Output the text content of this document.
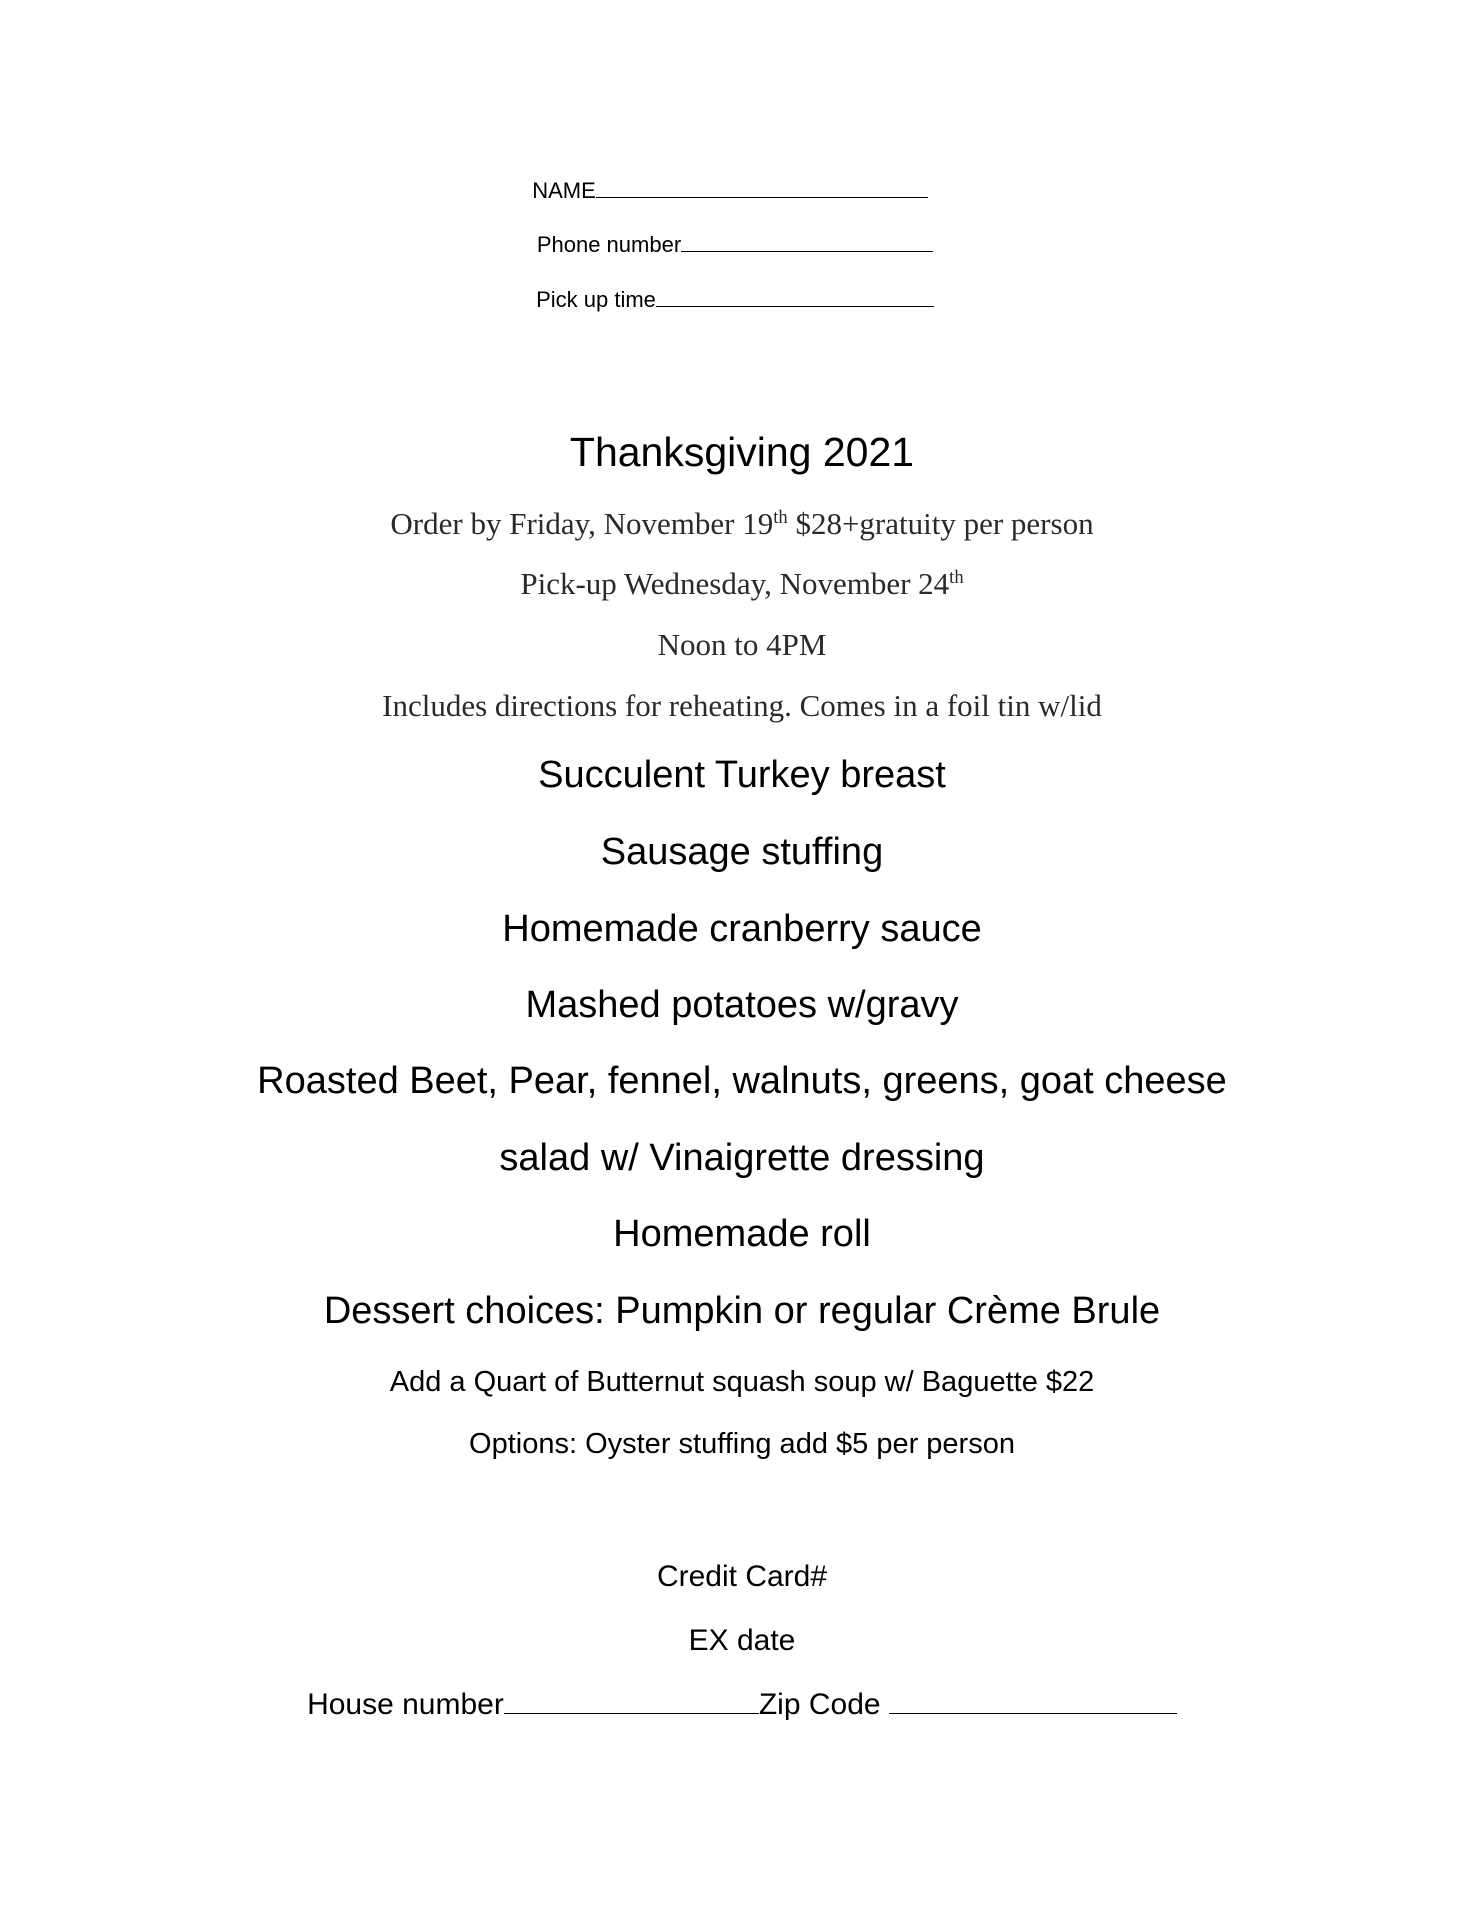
NAME
Phone number
Pick up time
Thanksgiving 2021
Order by Friday, November 19th $28+gratuity per person
Pick-up Wednesday, November 24th
Noon to 4PM
Includes directions for reheating. Comes in a foil tin w/lid
Succulent Turkey breast
Sausage stuffing
Homemade cranberry sauce
Mashed potatoes w/gravy
Roasted Beet, Pear, fennel, walnuts, greens, goat cheese
salad w/ Vinaigrette dressing
Homemade roll
Dessert choices: Pumpkin or regular Crème Brule
Add a Quart of Butternut squash soup w/ Baguette $22
Options: Oyster stuffing add $5 per person
Credit Card#
EX date
House number	Zip Code
